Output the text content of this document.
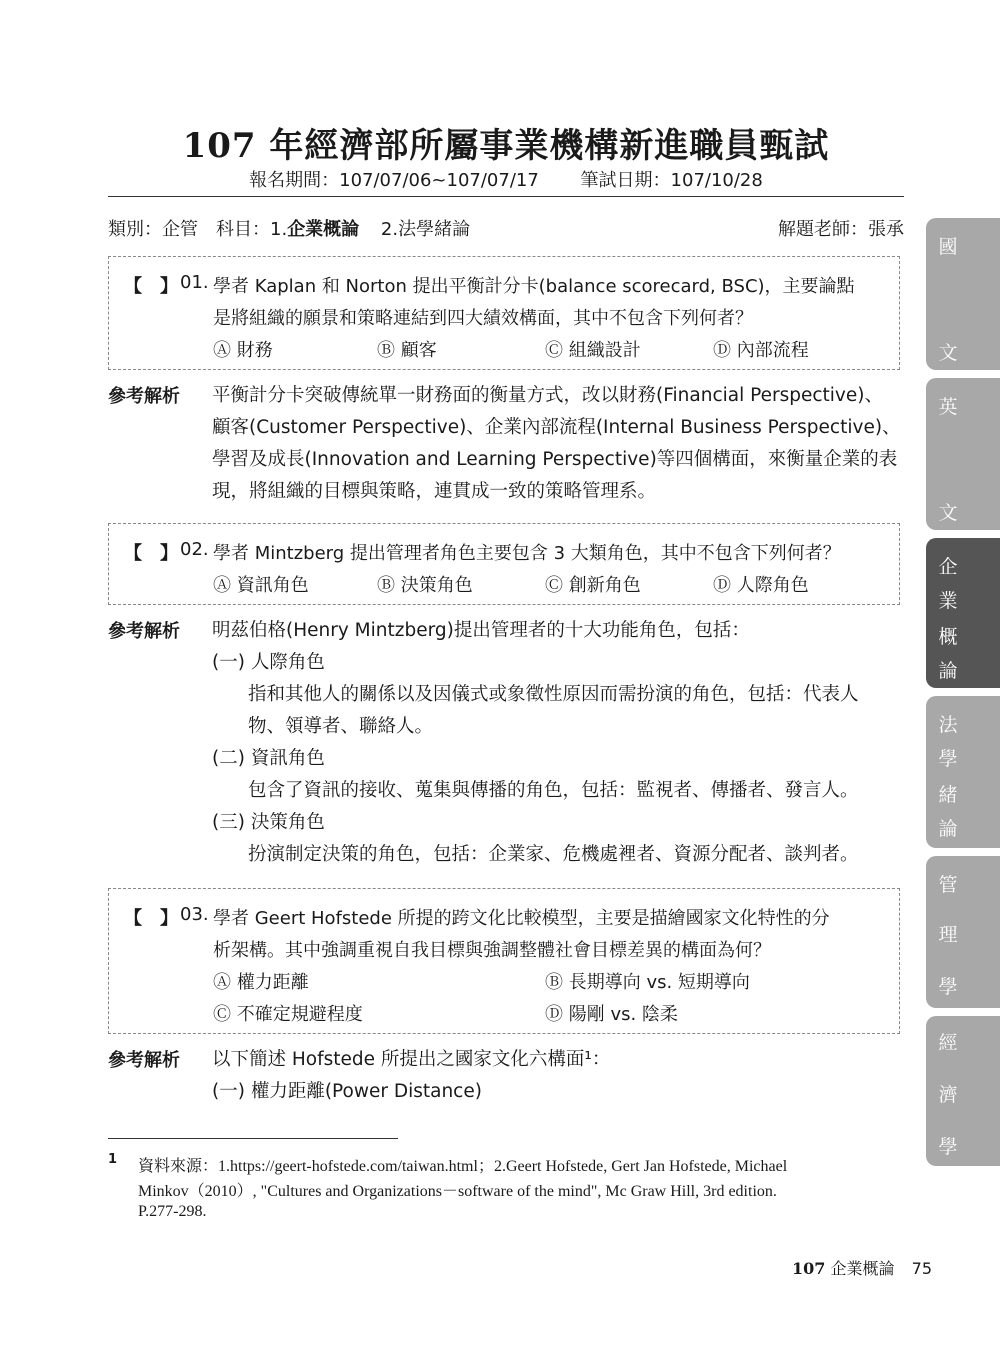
107 年經濟部所屬事業機構新進職員甄試
報名期間：107/07/06~107/07/17 筆試日期：107/10/28
類別：企管　科目：1.企業概論 2.法學緒論	解題老師：張承
【　】 01. 學者 Kaplan 和 Norton 提出平衡計分卡(balance scorecard, BSC)，主要論點
是將組織的願景和策略連結到四大績效構面，其中不包含下列何者？
Ⓐ 財務	Ⓑ 顧客	Ⓒ 組織設計	Ⓓ 內部流程
參考解析 平衡計分卡突破傳統單一財務面的衡量方式，改以財務(Financial Perspective)、
顧客(Customer Perspective)、企業內部流程(Internal Business Perspective)、
學習及成長(Innovation and Learning Perspective)等四個構面，來衡量企業的表
現，將組織的目標與策略，連貫成一致的策略管理系。
【　】 02. 學者 Mintzberg 提出管理者角色主要包含 3 大類角色，其中不包含下列何者？
Ⓐ 資訊角色	Ⓑ 決策角色	Ⓒ 創新角色	Ⓓ 人際角色
參考解析 明茲伯格(Henry Mintzberg)提出管理者的十大功能角色，包括：
(一) 人際角色
指和其他人的關係以及因儀式或象徵性原因而需扮演的角色，包括：代表人
物、領導者、聯絡人。
(二) 資訊角色
包含了資訊的接收、蒐集與傳播的角色，包括：監視者、傳播者、發言人。
(三) 決策角色
扮演制定決策的角色，包括：企業家、危機處裡者、資源分配者、談判者。
【　】 03. 學者 Geert Hofstede 所提的跨文化比較模型，主要是描繪國家文化特性的分
析架構。其中強調重視自我目標與強調整體社會目標差異的構面為何？
Ⓐ 權力距離	Ⓑ 長期導向 vs. 短期導向
Ⓒ 不確定規避程度	Ⓓ 陽剛 vs. 陰柔
參考解析 以下簡述 Hofstede 所提出之國家文化六構面¹：
(一) 權力距離(Power Distance)
1 資料來源：1.https://geert-hofstede.com/taiwan.html；2.Geert Hofstede, Gert Jan Hofstede, Michael
Minkov（2010）, "Cultures and Organizations－software of the mind", Mc Graw Hill, 3rd edition.
P.277-298.
107 企業概論 75
國
文
英
文
企
業
概
論
法
學
緒
論
管
理
學
經
濟
學
